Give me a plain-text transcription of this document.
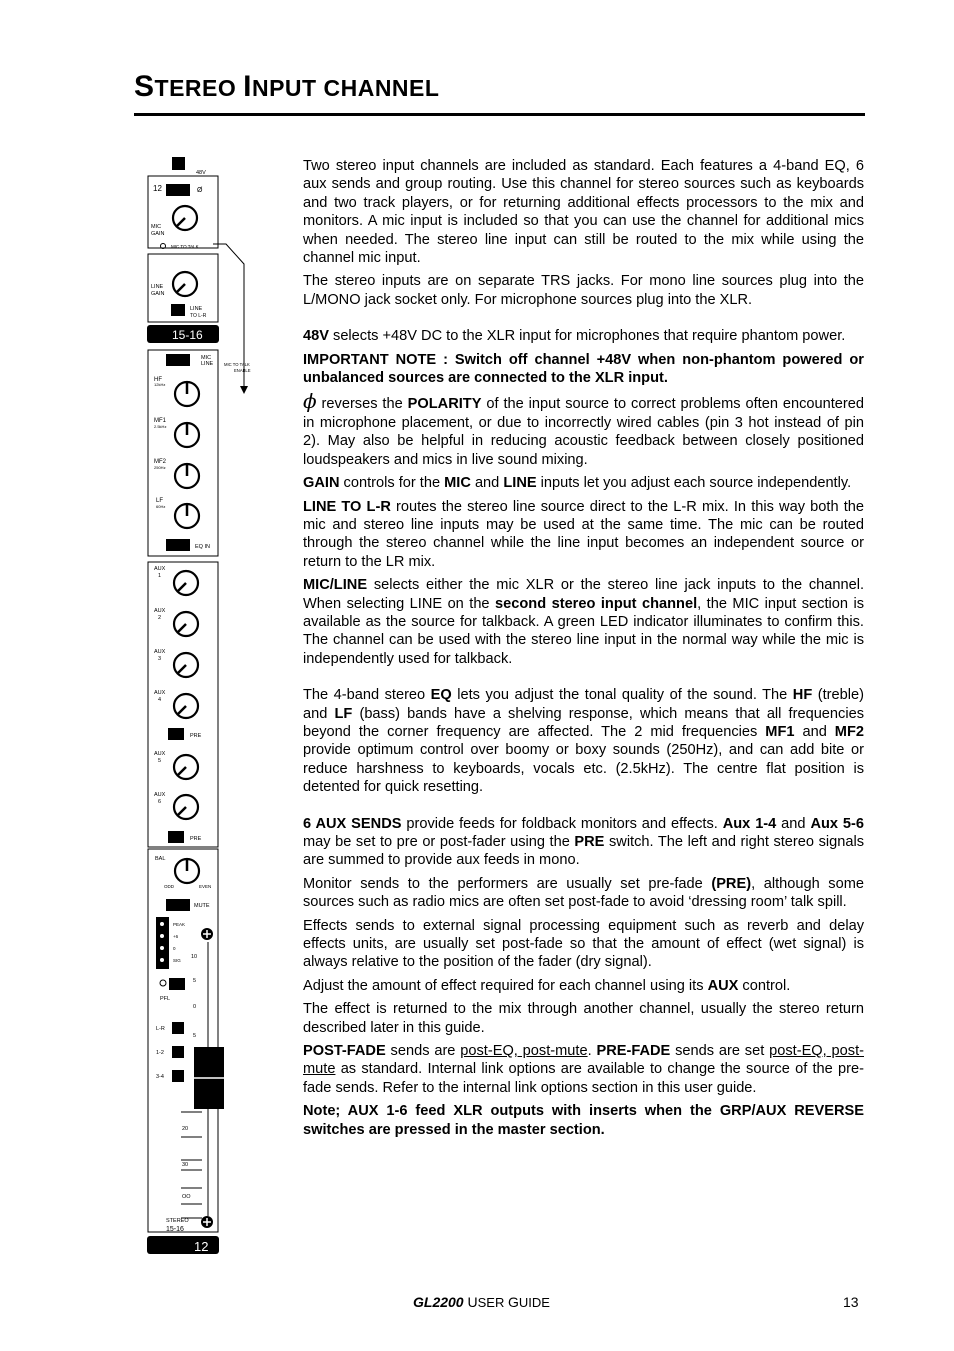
STEREO INPUT CHANNEL
48V
12	Ø
MIC
GAIN
MIC TO TALK
LINE
GAIN
LINE
TO L-R
15-16
MIC
LINE	MIC TO TALK
ENABLE
HF
12kHz
MF1
2.5kHz
MF2
250Hz
LF
60Hz
EQ IN
AUX
1
AUX
2
AUX
3
AUX
4
PRE
AUX
5
AUX
6
PRE
BAL
ODD	EVEN
MUTE
PEAK
+6
0
SIG
PFL
L-R
1-2
3-4
10
5
0
5
20
30
OO
STEREO
15-16
12

Two stereo input channels are included as standard. Each features a 4-band EQ, 6 aux sends and group routing. Use this channel for stereo sources such as keyboards and two track players, or for returning additional effects processors to the mix and monitors. A mic input is included so that you can use the channel for additional mics when needed. The stereo line input can still be routed to the mix while using the channel mic input.

The stereo inputs are on separate TRS jacks. For mono line sources plug into the L/MONO jack socket only. For microphone sources plug into the XLR.

48V selects +48V DC to the XLR input for microphones that require phantom power.

IMPORTANT NOTE : Switch off channel +48V when non-phantom powered or unbalanced sources are connected to the XLR input.

ϕ reverses the POLARITY of the input source to correct problems often encountered in microphone placement, or due to incorrectly wired cables (pin 3 hot instead of pin 2). May also be helpful in reducing acoustic feedback between closely positioned loudspeakers and mics in live sound mixing.

GAIN controls for the MIC and LINE inputs let you adjust each source independently.

LINE TO L-R routes the stereo line source direct to the L-R mix. In this way both the mic and stereo line inputs may be used at the same time. The mic can be routed through the stereo channel while the line input becomes an independent source or return to the LR mix.

MIC/LINE selects either the mic XLR or the stereo line jack inputs to the channel. When selecting LINE on the second stereo input channel, the MIC input section is available as the source for talkback. A green LED indicator illuminates to confirm this. The channel can be used with the stereo line input in the normal way while the mic is independently used for talkback.

The 4-band stereo EQ lets you adjust the tonal quality of the sound. The HF (treble) and LF (bass) bands have a shelving response, which means that all frequencies beyond the corner frequency are affected. The 2 mid frequencies MF1 and MF2 provide optimum control over boomy or boxy sounds (250Hz), and can add bite or reduce harshness to keyboards, vocals etc. (2.5kHz). The centre flat position is detented for quick resetting.

6 AUX SENDS provide feeds for foldback monitors and effects. Aux 1-4 and Aux 5-6 may be set to pre or post-fader using the PRE switch. The left and right stereo signals are summed to provide aux feeds in mono.

Monitor sends to the performers are usually set pre-fade (PRE), although some sources such as radio mics are often set post-fade to avoid ‘dressing room’ talk spill.

Effects sends to external signal processing equipment such as reverb and delay effects units, are usually set post-fade so that the amount of effect (wet signal) is always relative to the position of the fader (dry signal).

Adjust the amount of effect required for each channel using its AUX control.

The effect is returned to the mix through another channel, usually the stereo return described later in this guide.

POST-FADE sends are post-EQ, post-mute. PRE-FADE sends are set post-EQ, post-mute as standard. Internal link options are available to change the source of the pre-fade sends. Refer to the internal link options section in this user guide.

Note; AUX 1-6 feed XLR outputs with inserts when the GRP/AUX REVERSE switches are pressed in the master section.

GL2200 USER GUIDE	13
